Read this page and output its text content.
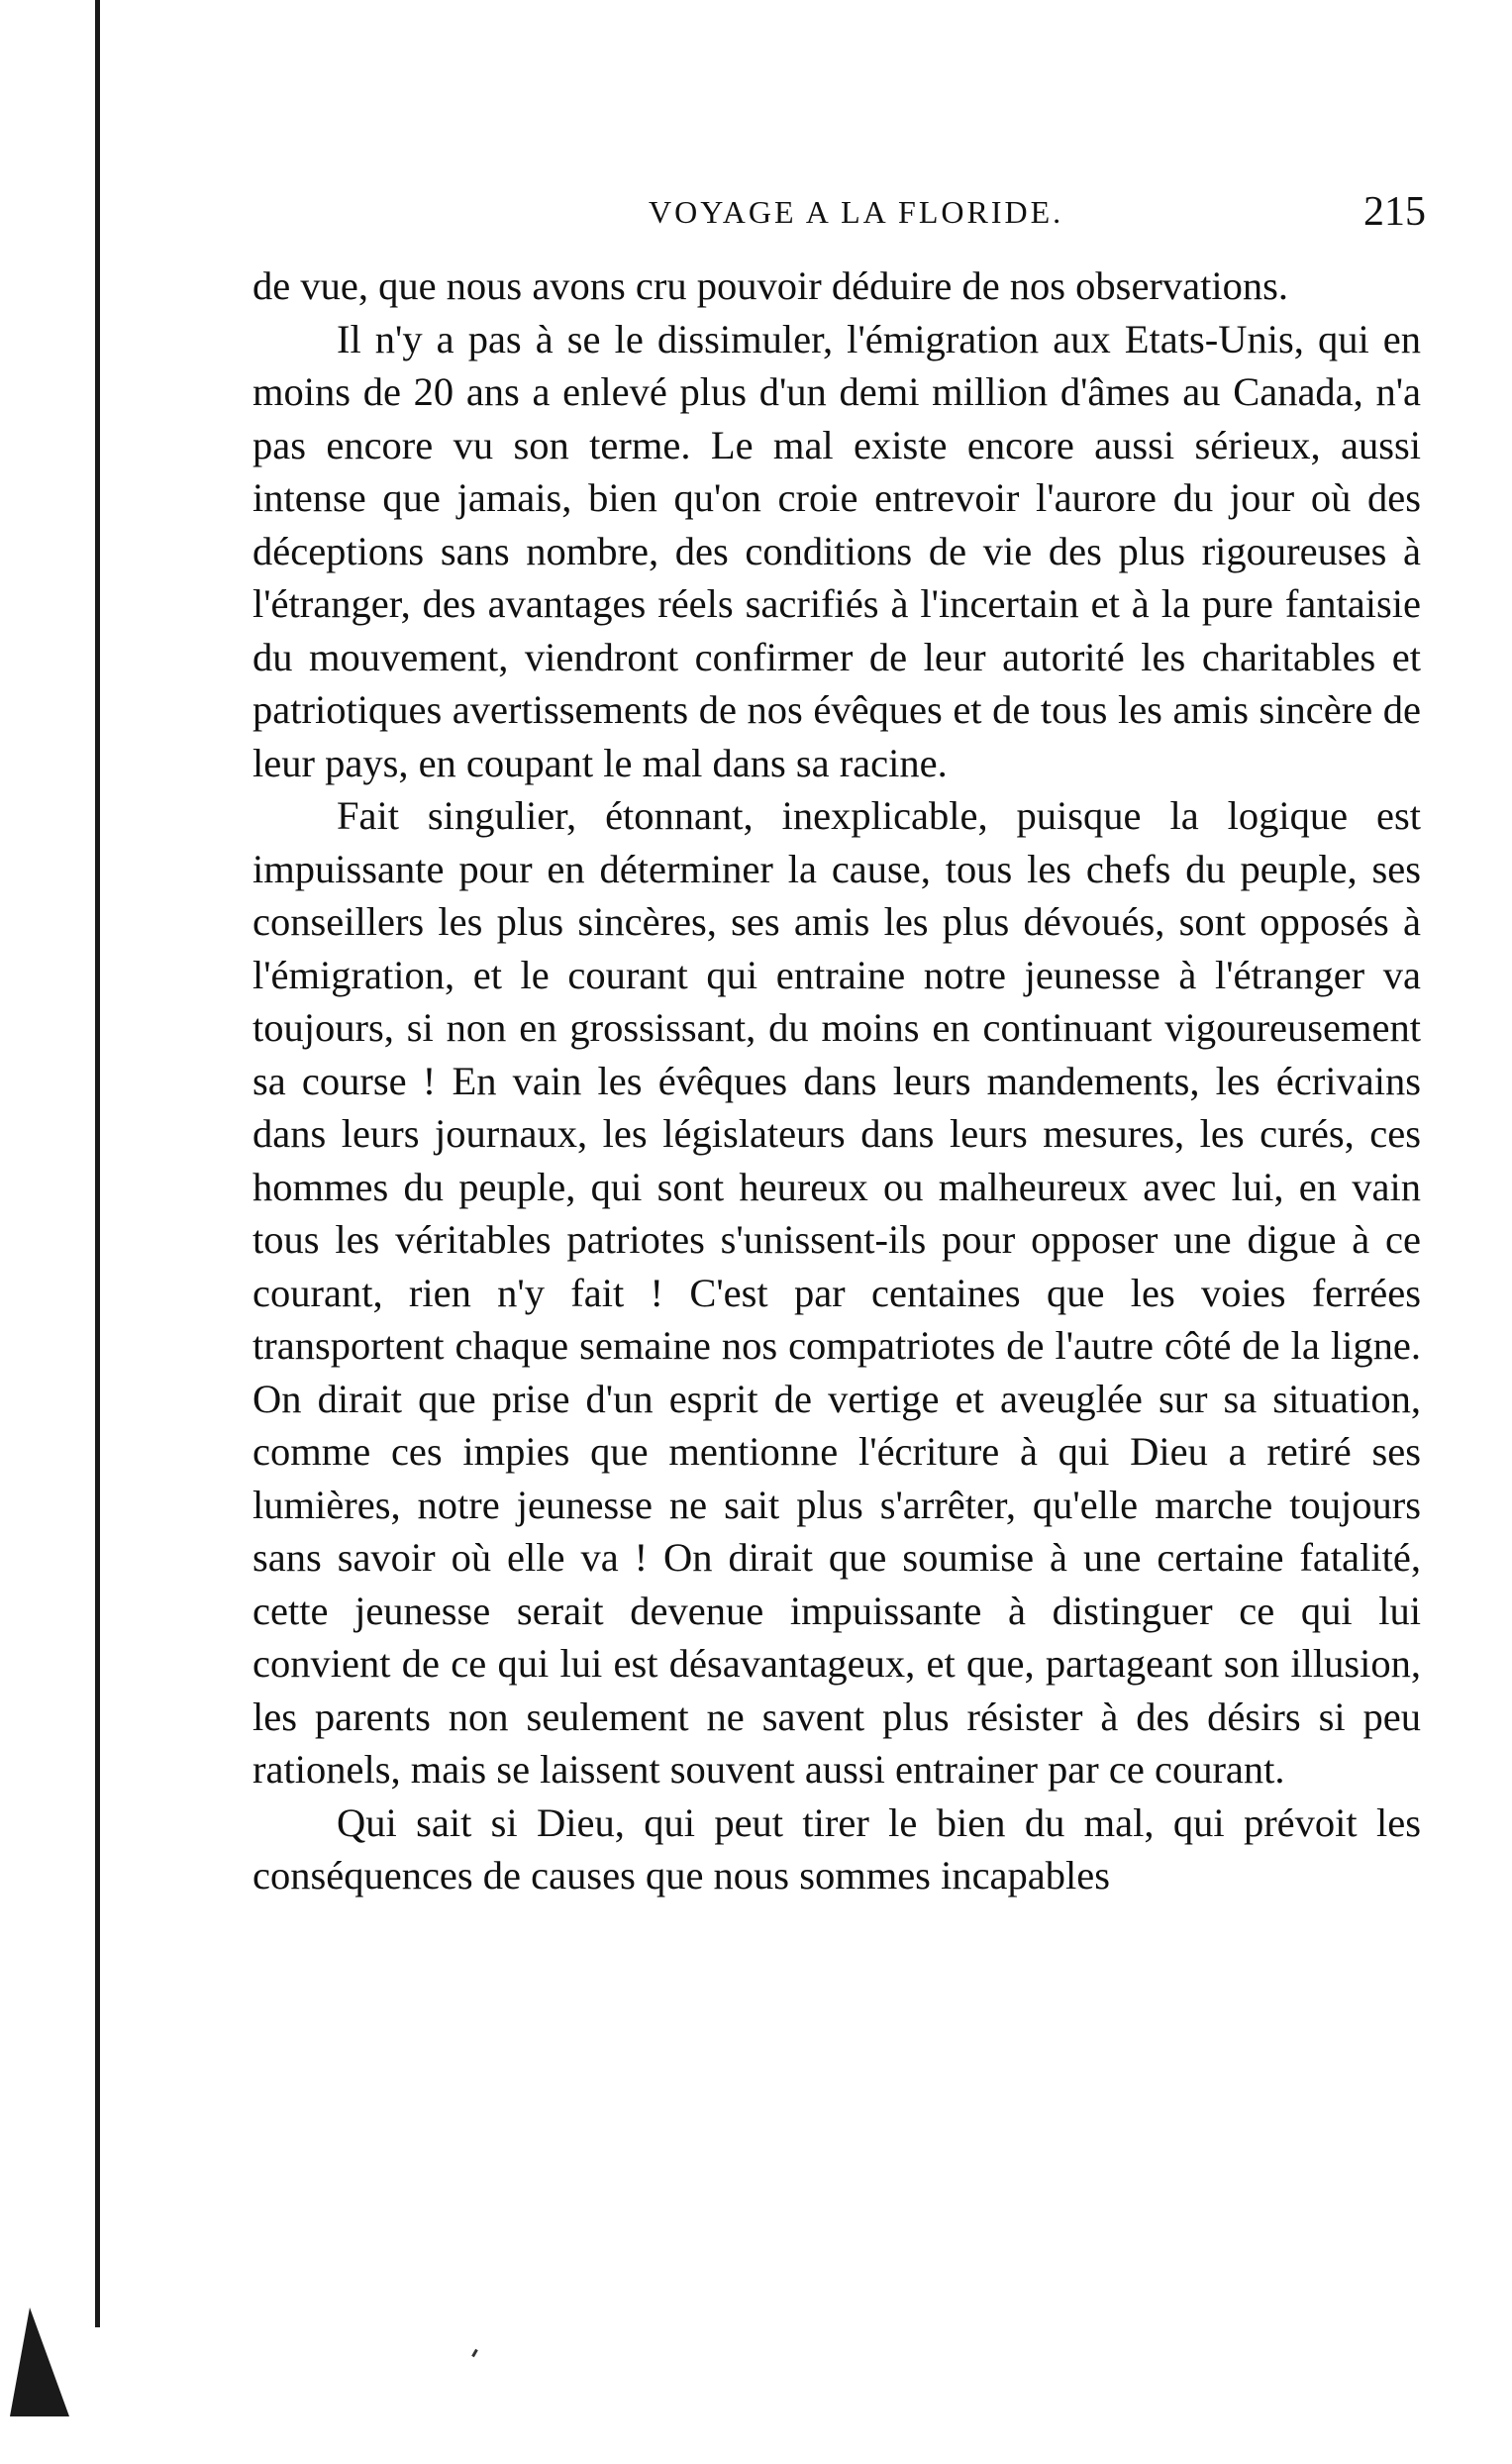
VOYAGE A LA FLORIDE.	215

de vue, que nous avons cru pouvoir déduire de nos observations.

Il n'y a pas à se le dissimuler, l'émigration aux Etats-Unis, qui en moins de 20 ans a enlevé plus d'un demi million d'âmes au Canada, n'a pas encore vu son terme. Le mal existe encore aussi sérieux, aussi intense que jamais, bien qu'on croie entrevoir l'aurore du jour où des déceptions sans nombre, des conditions de vie des plus rigoureuses à l'étranger, des avantages réels sacrifiés à l'incertain et à la pure fantaisie du mouvement, viendront confirmer de leur autorité les charitables et patriotiques avertissements de nos évêques et de tous les amis sincère de leur pays, en coupant le mal dans sa racine.

Fait singulier, étonnant, inexplicable, puisque la logique est impuissante pour en déterminer la cause, tous les chefs du peuple, ses conseillers les plus sincères, ses amis les plus dévoués, sont opposés à l'émigration, et le courant qui entraine notre jeunesse à l'étranger va toujours, si non en grossissant, du moins en continuant vigoureusement sa course ! En vain les évêques dans leurs mandements, les écrivains dans leurs journaux, les législateurs dans leurs mesures, les curés, ces hommes du peuple, qui sont heureux ou malheureux avec lui, en vain tous les véritables patriotes s'unissent-ils pour opposer une digue à ce courant, rien n'y fait ! C'est par centaines que les voies ferrées transportent chaque semaine nos compatriotes de l'autre côté de la ligne. On dirait que prise d'un esprit de vertige et aveuglée sur sa situation, comme ces impies que mentionne l'écriture à qui Dieu a retiré ses lumières, notre jeunesse ne sait plus s'arrêter, qu'elle marche toujours sans savoir où elle va ! On dirait que soumise à une certaine fatalité, cette jeunesse serait devenue impuissante à distinguer ce qui lui convient de ce qui lui est désavantageux, et que, partageant son illusion, les parents non seulement ne savent plus résister à des désirs si peu rationels, mais se laissent souvent aussi entrainer par ce courant.

Qui sait si Dieu, qui peut tirer le bien du mal, qui prévoit les conséquences de causes que nous sommes incapables
